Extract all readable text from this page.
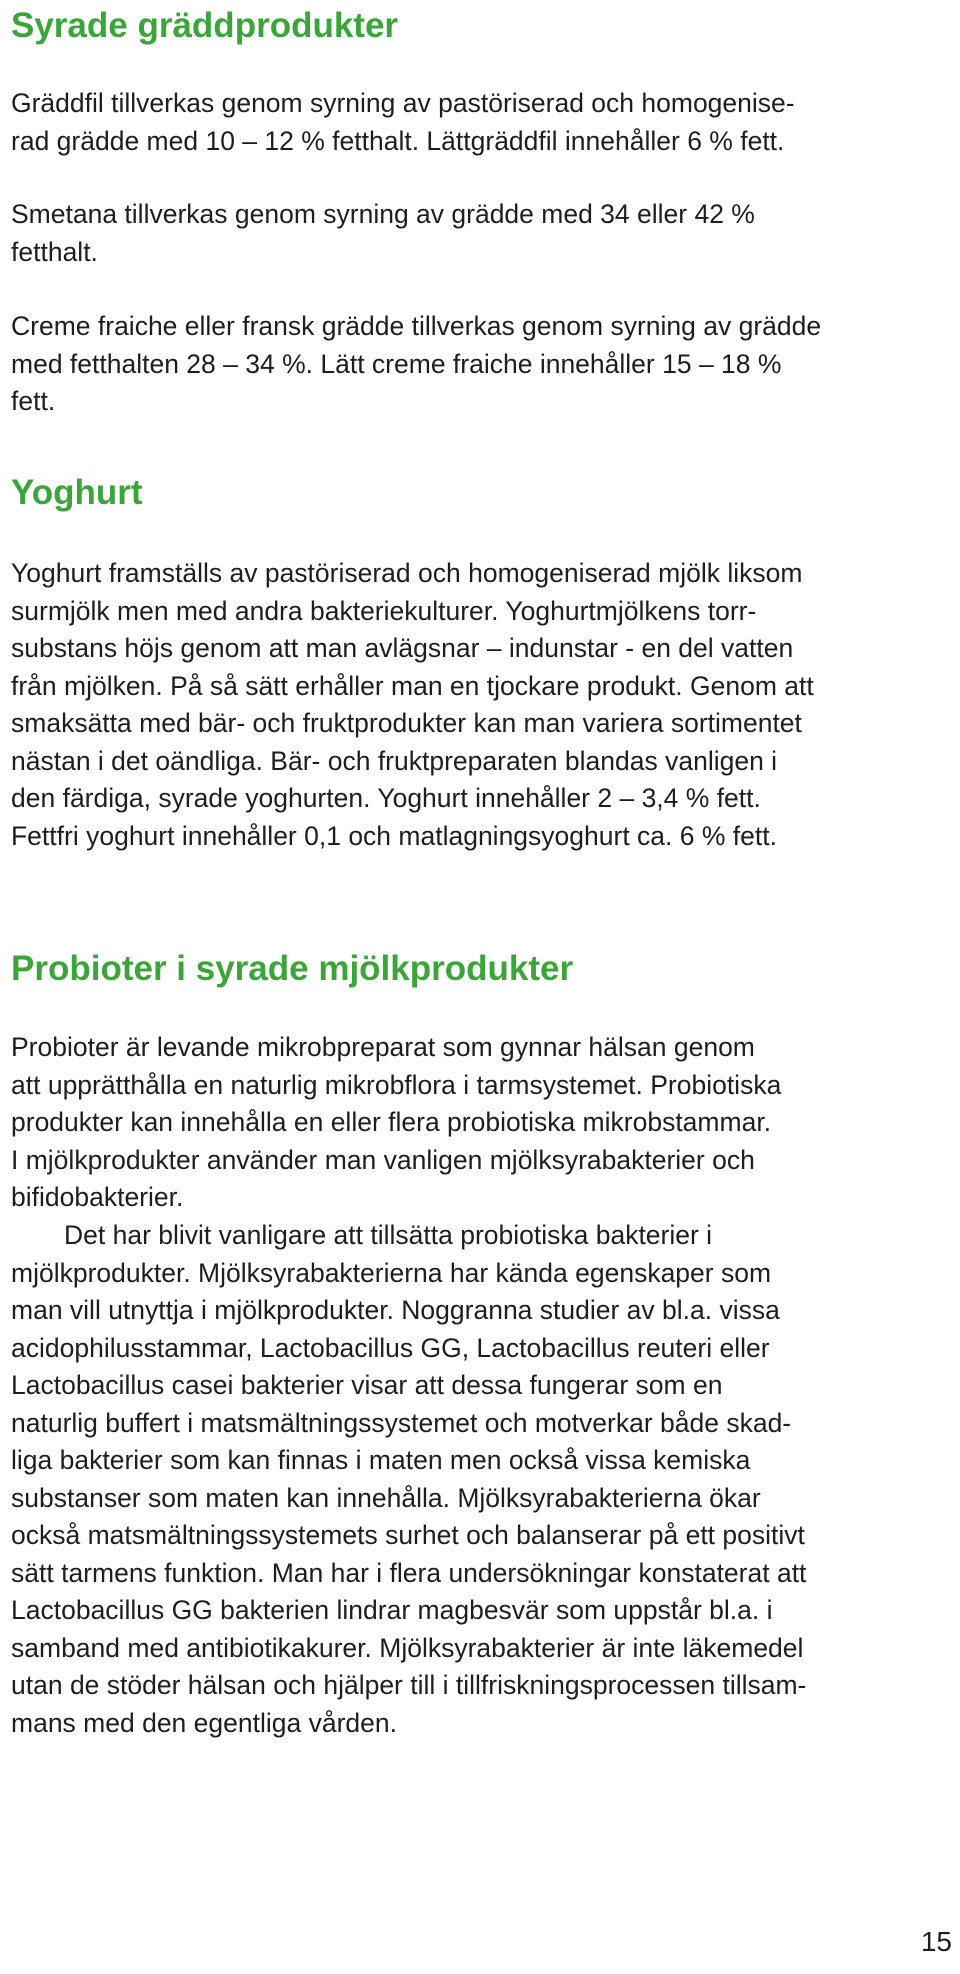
Syrade gräddprodukter

Gräddfil tillverkas genom syrning av pastöriserad och homogenise-
rad grädde med 10 – 12 % fetthalt. Lättgräddfil innehåller 6 % fett.

Smetana tillverkas genom syrning av grädde med 34 eller 42 %
fetthalt.

Creme fraiche eller fransk grädde tillverkas genom syrning av grädde
med fetthalten 28 – 34 %. Lätt creme fraiche innehåller 15 – 18 %
fett.

Yoghurt

Yoghurt framställs av pastöriserad och homogeniserad mjölk liksom
surmjölk men med andra bakteriekulturer. Yoghurtmjölkens torr-
substans höjs genom att man avlägsnar – indunstar - en del vatten
från mjölken. På så sätt erhåller man en tjockare produkt. Genom att
smaksätta med bär- och fruktprodukter kan man variera sortimentet
nästan i det oändliga. Bär- och fruktpreparaten blandas vanligen i
den färdiga, syrade yoghurten. Yoghurt innehåller 2 – 3,4 % fett.
Fettfri yoghurt innehåller 0,1 och matlagningsyoghurt ca. 6 % fett.

Probioter i syrade mjölkprodukter

Probioter är levande mikrobpreparat som gynnar hälsan genom
att upprätthålla en naturlig mikrobflora i tarmsystemet. Probiotiska
produkter kan innehålla en eller flera probiotiska mikrobstammar.
I mjölkprodukter använder man vanligen mjölksyrabakterier och
bifidobakterier.

Det har blivit vanligare att tillsätta probiotiska bakterier i
mjölkprodukter. Mjölksyrabakterierna har kända egenskaper som
man vill utnyttja i mjölkprodukter. Noggranna studier av bl.a. vissa
acidophilusstammar, Lactobacillus GG, Lactobacillus reuteri eller
Lactobacillus casei bakterier visar att dessa fungerar som en
naturlig buffert i matsmältningssystemet och motverkar både skad-
liga bakterier som kan finnas i maten men också vissa kemiska
substanser som maten kan innehålla. Mjölksyrabakterierna ökar
också matsmältningssystemets surhet och balanserar på ett positivt
sätt tarmens funktion. Man har i flera undersökningar konstaterat att
Lactobacillus GG bakterien lindrar magbesvär som uppstår bl.a. i
samband med antibiotikakurer. Mjölksyrabakterier är inte läkemedel
utan de stöder hälsan och hjälper till i tillfriskningsprocessen tillsam-
mans med den egentliga vården.

15
